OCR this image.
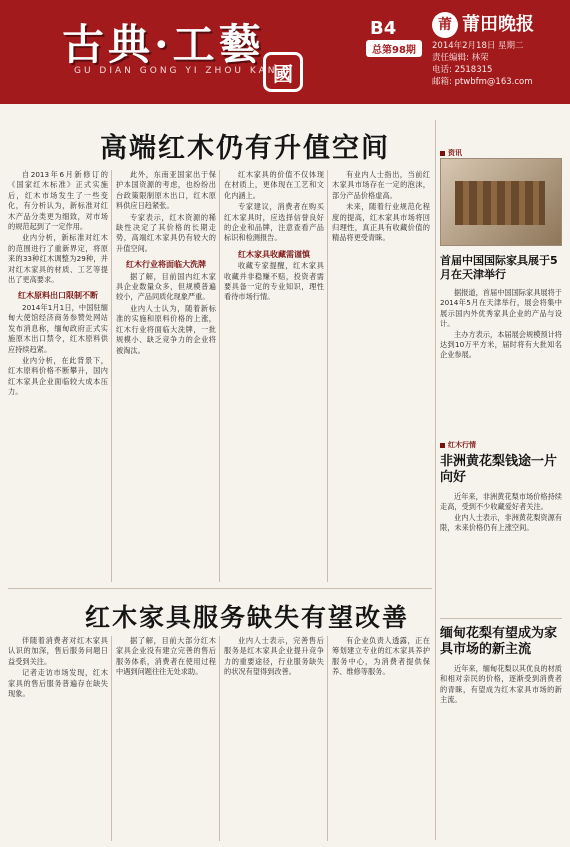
古典·工藝
GU DIAN GONG YI ZHOU KAN
國
B4
总第98期
莆 莆田晚报
2014年2月18日 星期二
责任编辑: 林荣
电话: 2518315
邮箱: ptwbfm@163.com
高端红木仍有升值空间

自2013年6月新修订的《国家红木标准》正式实施后，红木市场发生了一些变化，有分析认为，新标准对红木产品分类更为细致，对市场的规范起到了一定作用。

业内分析，新标准对红木的范围进行了重新界定，将原来的33种红木调整为29种，并对红木家具的材质、工艺等提出了更高要求。

红木原料出口限制不断

2014年1月1日，中国驻缅甸大使馆经济商务参赞处网站发布消息称，缅甸政府正式实施原木出口禁令，红木原料供应持续趋紧。

业内分析，在此背景下，红木原料价格不断攀升，国内红木家具企业面临较大成本压力。

此外，东南亚国家出于保护本国资源的考虑，也纷纷出台政策限制原木出口，红木原料供应日趋紧张。

专家表示，红木资源的稀缺性决定了其价格的长期走势，高端红木家具仍有较大的升值空间。

红木行业将面临大洗牌

据了解，目前国内红木家具企业数量众多，但规模普遍较小，产品同质化现象严重。

业内人士认为，随着新标准的实施和原料价格的上涨，红木行业将面临大洗牌，一批规模小、缺乏竞争力的企业将被淘汰。

红木家具的价值不仅体现在材质上，更体现在工艺和文化内涵上。

专家建议，消费者在购买红木家具时，应选择信誉良好的企业和品牌，注意查看产品标识和检测报告。

红木家具收藏需谨慎

收藏专家提醒，红木家具收藏并非稳赚不赔，投资者需要具备一定的专业知识，理性看待市场行情。

有业内人士指出，当前红木家具市场存在一定的泡沫，部分产品价格虚高。

未来，随着行业规范化程度的提高，红木家具市场将回归理性，真正具有收藏价值的精品将更受青睐。

红木家具服务缺失有望改善

伴随着消费者对红木家具认识的加深，售后服务问题日益受到关注。

记者走访市场发现，红木家具的售后服务普遍存在缺失现象。

据了解，目前大部分红木家具企业没有建立完善的售后服务体系，消费者在使用过程中遇到问题往往无处求助。

业内人士表示，完善售后服务是红木家具企业提升竞争力的重要途径，行业服务缺失的状况有望得到改善。

有企业负责人透露，正在筹划建立专业的红木家具养护服务中心，为消费者提供保养、维修等服务。

资讯
首届中国国际家具展于5月在天津举行

据报道，首届中国国际家具展将于2014年5月在天津举行，展会将集中展示国内外优秀家具企业的产品与设计。

主办方表示，本届展会规模预计将达到10万平方米，届时将有大批知名企业参展。

红木行情
非洲黄花梨钱途一片向好

近年来，非洲黄花梨市场价格持续走高，受到不少收藏爱好者关注。

业内人士表示，非洲黄花梨资源有限，未来价格仍有上涨空间。

缅甸花梨有望成为家具市场的新主流

近年来，缅甸花梨以其优良的材质和相对亲民的价格，逐渐受到消费者的青睐，有望成为红木家具市场的新主流。
